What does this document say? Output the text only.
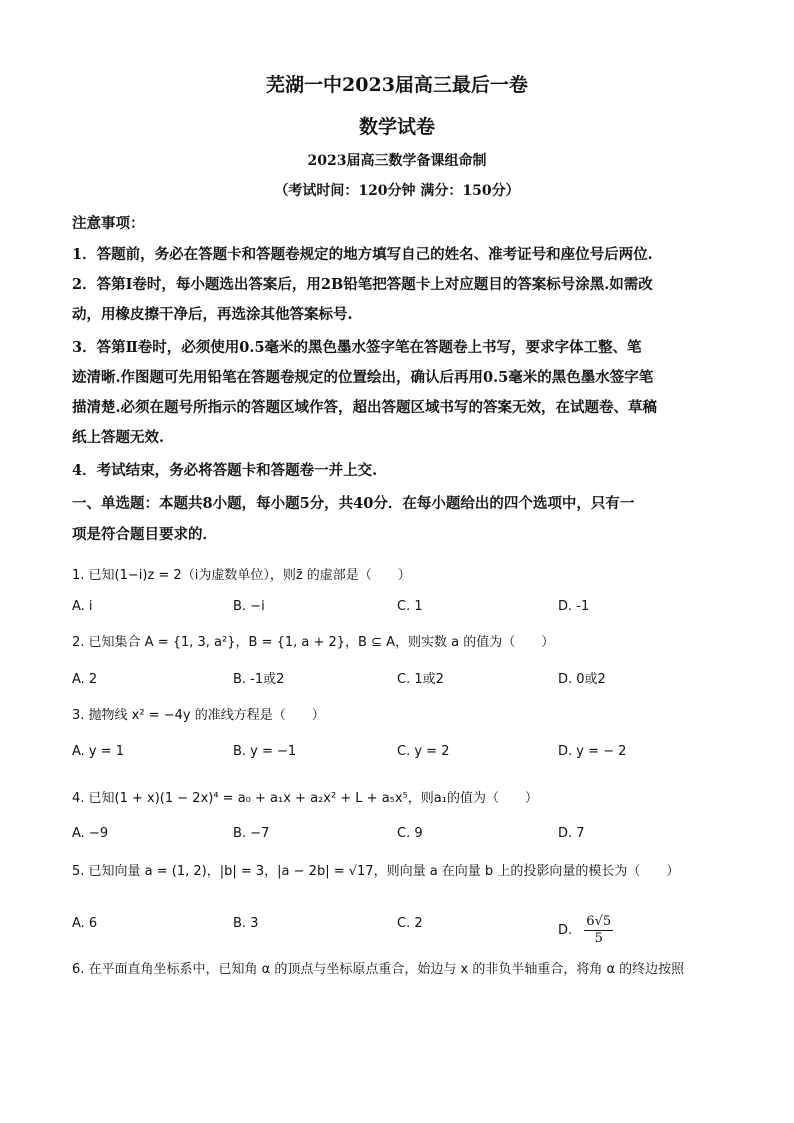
芜湖一中2023届高三最后一卷
数学试卷
2023届高三数学备课组命制
（考试时间：120分钟 满分：150分）
注意事项：
1．答题前，务必在答题卡和答题卷规定的地方填写自己的姓名、准考证号和座位号后两位.
2．答第Ⅰ卷时，每小题选出答案后，用2B铅笔把答题卡上对应题目的答案标号涂黑.如需改
动，用橡皮擦干净后，再选涂其他答案标号.
3．答第Ⅱ卷时，必须使用0.5毫米的黑色墨水签字笔在答题卷上书写，要求字体工整、笔
迹清晰.作图题可先用铅笔在答题卷规定的位置绘出，确认后再用0.5毫米的黑色墨水签字笔
描清楚.必须在题号所指示的答题区域作答，超出答题区域书写的答案无效，在试题卷、草稿
纸上答题无效.
4．考试结束，务必将答题卡和答题卷一并上交.
一、单选题：本题共8小题，每小题5分，共40分．在每小题给出的四个选项中，只有一
项是符合题目要求的．
1. 已知(1−i)z = 2（i为虚数单位），则z̄ 的虚部是（　　）
A. i	B. −i	C. 1	D. -1
2. 已知集合 A = {1, 3, a²}，B = {1, a + 2}，B ⊆ A，则实数 a 的值为（　　）
A. 2	B. -1或2	C. 1或2	D. 0或2
3. 抛物线 x² = −4y 的准线方程是（　　）
A. y = 1	B. y = −1	C. y = 2	D. y = − 2
4. 已知(1 + x)(1 − 2x)⁴ = a₀ + a₁x + a₂x² + L + a₅x⁵，则a₁的值为（　　）
A. −9	B. −7	C. 9	D. 7
5. 已知向量 a = (1, 2)，|b| = 3，|a − 2b| = √17，则向量 a 在向量 b 上的投影向量的模长为（　　）
A. 6	B. 3	C. 2	D. $\frac{6√5}{5}$
6. 在平面直角坐标系中，已知角 α 的顶点与坐标原点重合，始边与 x 的非负半轴重合，将角 α 的终边按照
